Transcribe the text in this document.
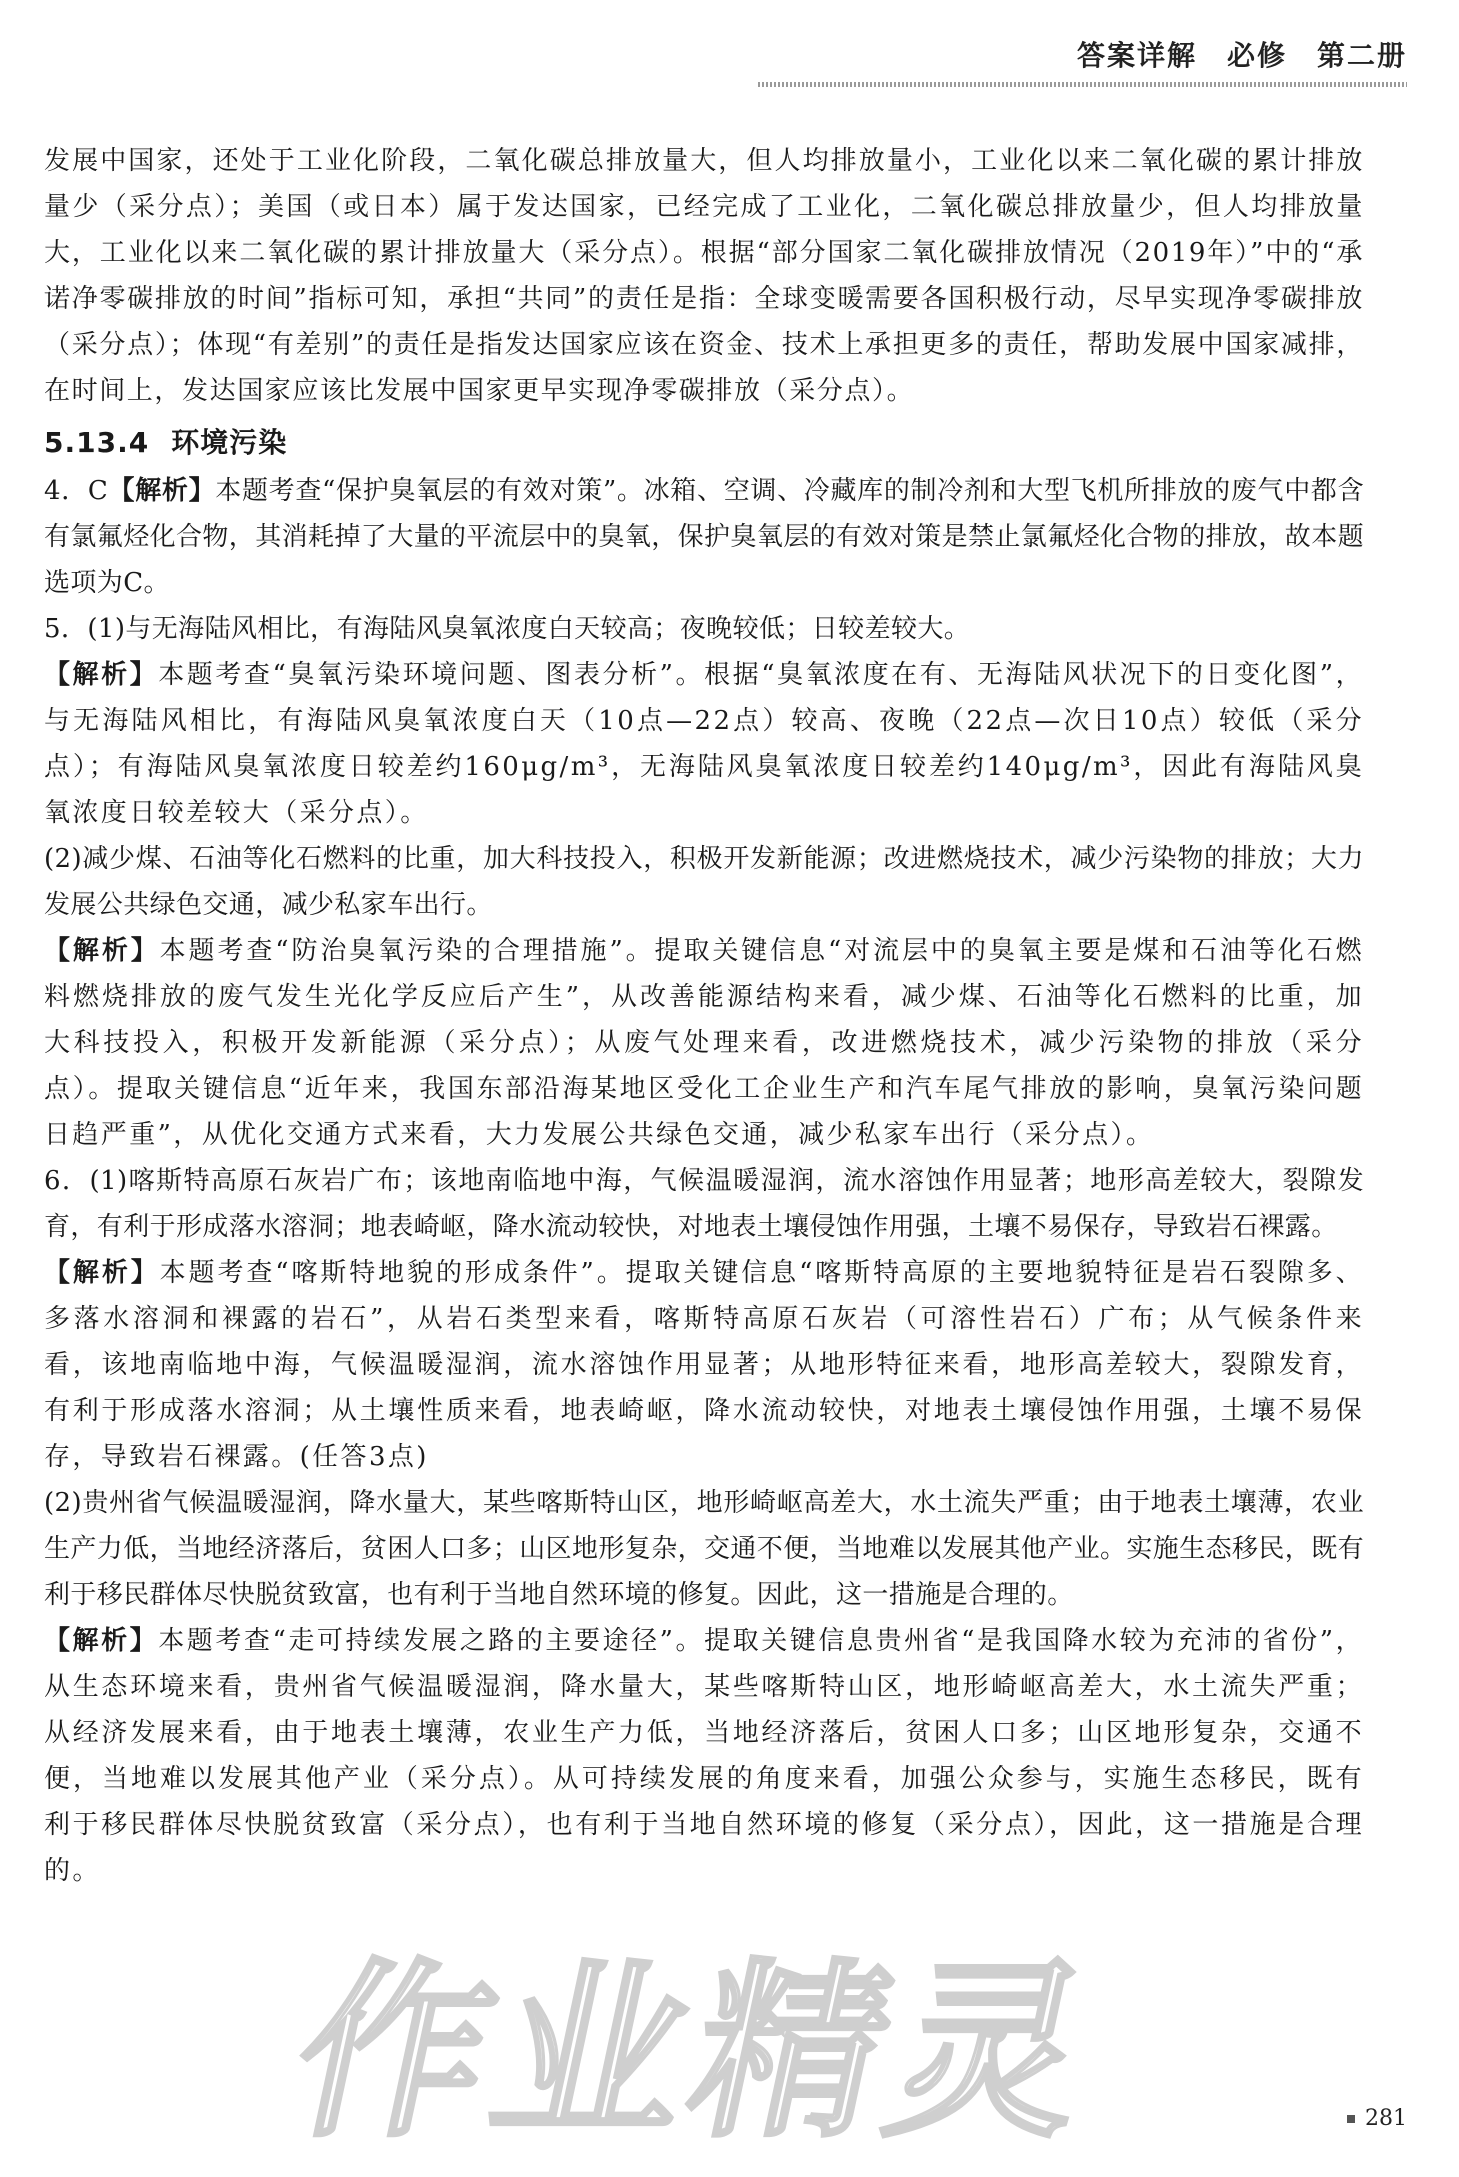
答案详解　必修　第二册

发展中国家，还处于工业化阶段，二氧化碳总排放量大，但人均排放量小，工业化以来二氧化碳的累计排放量少（采分点）；美国（或日本）属于发达国家，已经完成了工业化，二氧化碳总排放量少，但人均排放量大，工业化以来二氧化碳的累计排放量大（采分点）。根据“部分国家二氧化碳排放情况（2019年）”中的“承诺净零碳排放的时间”指标可知，承担“共同”的责任是指：全球变暖需要各国积极行动，尽早实现净零碳排放（采分点）；体现“有差别”的责任是指发达国家应该在资金、技术上承担更多的责任，帮助发展中国家减排，在时间上，发达国家应该比发展中国家更早实现净零碳排放（采分点）。

5.13.4 环境污染

4．C【解析】本题考查“保护臭氧层的有效对策”。冰箱、空调、冷藏库的制冷剂和大型飞机所排放的废气中都含有氯氟烃化合物，其消耗掉了大量的平流层中的臭氧，保护臭氧层的有效对策是禁止氯氟烃化合物的排放，故本题选项为C。

5．(1)与无海陆风相比，有海陆风臭氧浓度白天较高；夜晚较低；日较差较大。

【解析】本题考查“臭氧污染环境问题、图表分析”。根据“臭氧浓度在有、无海陆风状况下的日变化图”，与无海陆风相比，有海陆风臭氧浓度白天（10点—22点）较高、夜晚（22点—次日10点）较低（采分点）；有海陆风臭氧浓度日较差约160μg/m³，无海陆风臭氧浓度日较差约140μg/m³，因此有海陆风臭氧浓度日较差较大（采分点）。

(2)减少煤、石油等化石燃料的比重，加大科技投入，积极开发新能源；改进燃烧技术，减少污染物的排放；大力发展公共绿色交通，减少私家车出行。

【解析】本题考查“防治臭氧污染的合理措施”。提取关键信息“对流层中的臭氧主要是煤和石油等化石燃料燃烧排放的废气发生光化学反应后产生”，从改善能源结构来看，减少煤、石油等化石燃料的比重，加大科技投入，积极开发新能源（采分点）；从废气处理来看，改进燃烧技术，减少污染物的排放（采分点）。提取关键信息“近年来，我国东部沿海某地区受化工企业生产和汽车尾气排放的影响，臭氧污染问题日趋严重”，从优化交通方式来看，大力发展公共绿色交通，减少私家车出行（采分点）。

6．(1)喀斯特高原石灰岩广布；该地南临地中海，气候温暖湿润，流水溶蚀作用显著；地形高差较大，裂隙发育，有利于形成落水溶洞；地表崎岖，降水流动较快，对地表土壤侵蚀作用强，土壤不易保存，导致岩石裸露。

【解析】本题考查“喀斯特地貌的形成条件”。提取关键信息“喀斯特高原的主要地貌特征是岩石裂隙多、多落水溶洞和裸露的岩石”，从岩石类型来看，喀斯特高原石灰岩（可溶性岩石）广布；从气候条件来看，该地南临地中海，气候温暖湿润，流水溶蚀作用显著；从地形特征来看，地形高差较大，裂隙发育，有利于形成落水溶洞；从土壤性质来看，地表崎岖，降水流动较快，对地表土壤侵蚀作用强，土壤不易保存，导致岩石裸露。(任答3点)

(2)贵州省气候温暖湿润，降水量大，某些喀斯特山区，地形崎岖高差大，水土流失严重；由于地表土壤薄，农业生产力低，当地经济落后，贫困人口多；山区地形复杂，交通不便，当地难以发展其他产业。实施生态移民，既有利于移民群体尽快脱贫致富，也有利于当地自然环境的修复。因此，这一措施是合理的。

【解析】本题考查“走可持续发展之路的主要途径”。提取关键信息贵州省“是我国降水较为充沛的省份”，从生态环境来看，贵州省气候温暖湿润，降水量大，某些喀斯特山区，地形崎岖高差大，水土流失严重；从经济发展来看，由于地表土壤薄，农业生产力低，当地经济落后，贫困人口多；山区地形复杂，交通不便，当地难以发展其他产业（采分点）。从可持续发展的角度来看，加强公众参与，实施生态移民，既有利于移民群体尽快脱贫致富（采分点），也有利于当地自然环境的修复（采分点），因此，这一措施是合理的。

作业精灵	281
